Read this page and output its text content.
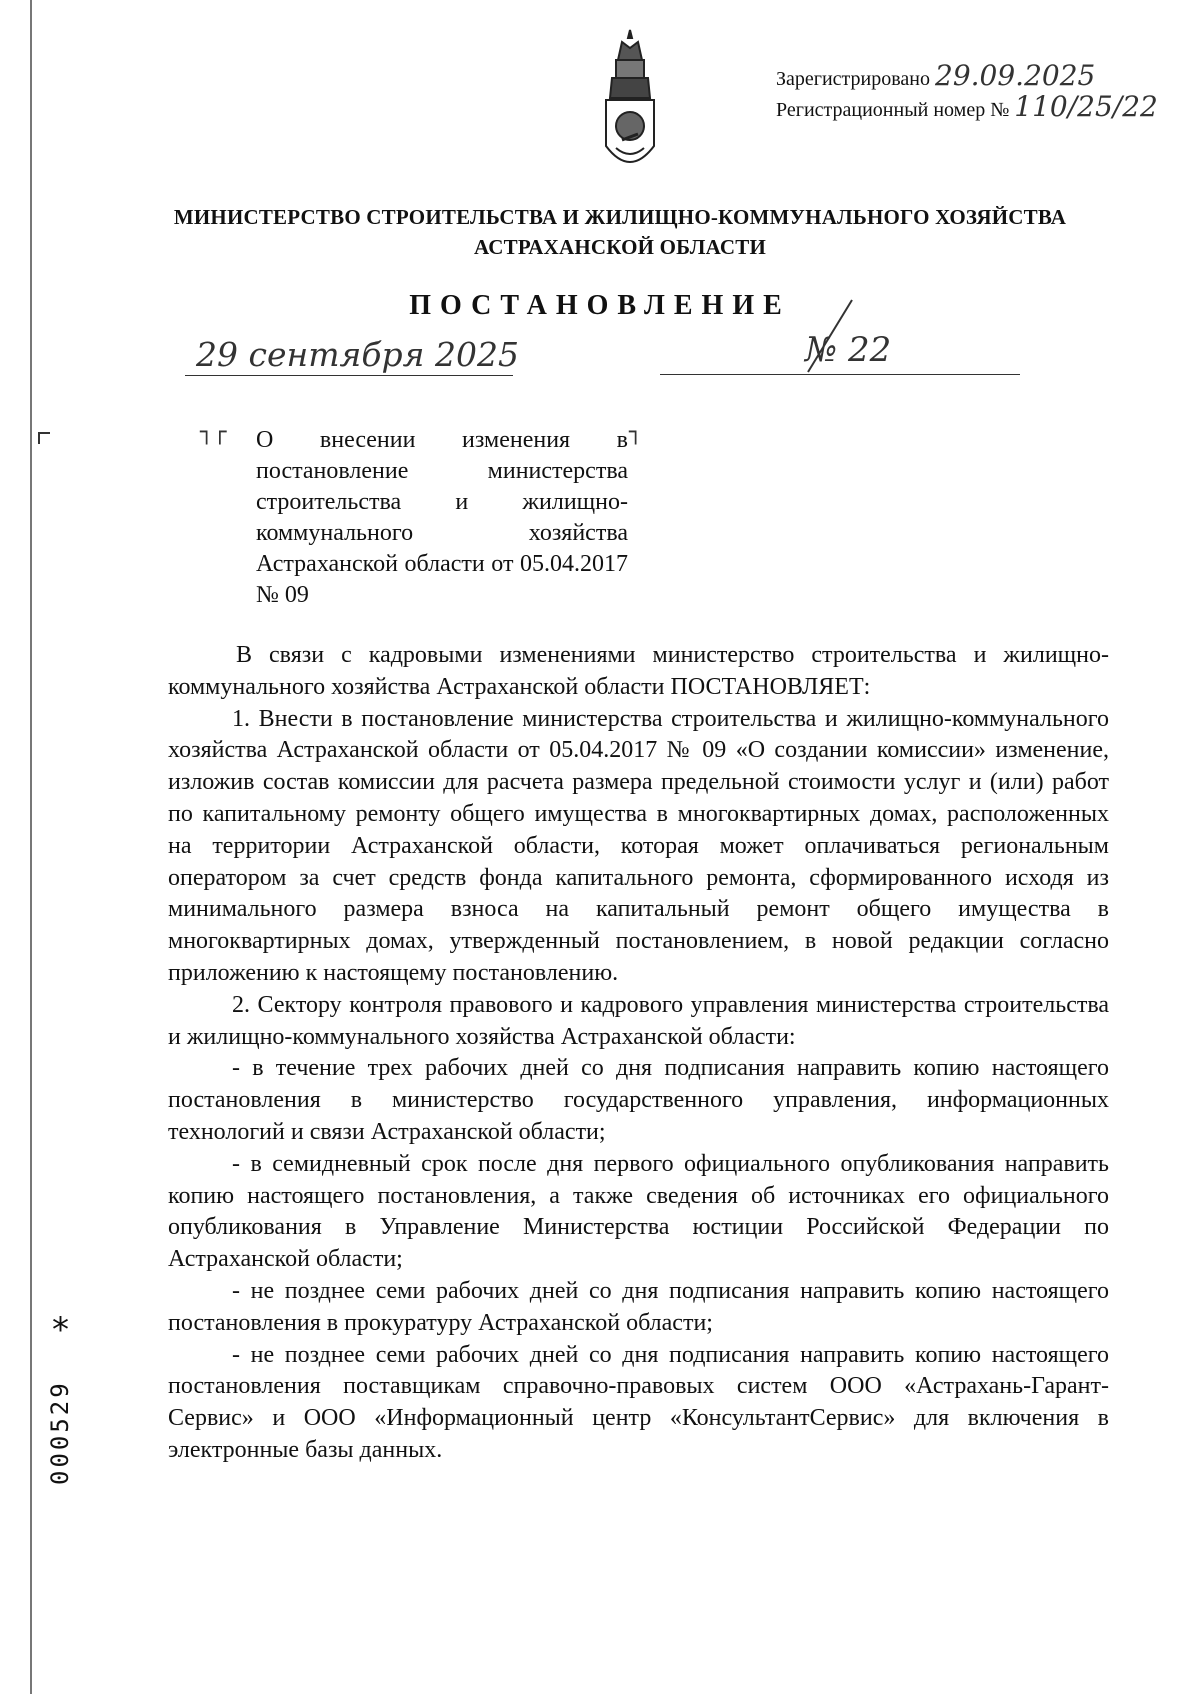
*
000529
Зарегистрировано 29.09.2025
Регистрационный номер № 110/25/22
МИНИСТЕРСТВО СТРОИТЕЛЬСТВА И ЖИЛИЩНО-КОММУНАЛЬНОГО ХОЗЯЙСТВА
АСТРАХАНСКОЙ ОБЛАСТИ
ПОСТАНОВЛЕНИЕ
29 сентября 2025	№ 22
┐┌	┐
О внесении изменения в постановление министерства строительства и жилищно-коммунального хозяйства Астраханской области от 05.04.2017 № 09

В связи с кадровыми изменениями министерство строительства и жилищно-коммунального хозяйства Астраханской области ПОСТАНОВЛЯЕТ:

1. Внести в постановление министерства строительства и жилищно-коммунального хозяйства Астраханской области от 05.04.2017 № 09 «О создании комиссии» изменение, изложив состав комиссии для расчета размера предельной стоимости услуг и (или) работ по капитальному ремонту общего имущества в многоквартирных домах, расположенных на территории Астраханской области, которая может оплачиваться региональным оператором за счет средств фонда капитального ремонта, сформированного исходя из минимального размера взноса на капитальный ремонт общего имущества в многоквартирных домах, утвержденный постановлением, в новой редакции согласно приложению к настоящему постановлению.

2. Сектору контроля правового и кадрового управления министерства строительства и жилищно-коммунального хозяйства Астраханской области:

- в течение трех рабочих дней со дня подписания направить копию настоящего постановления в министерство государственного управления, информационных технологий и связи Астраханской области;

- в семидневный срок после дня первого официального опубликования направить копию настоящего постановления, а также сведения об источниках его официального опубликования в Управление Министерства юстиции Российской Федерации по Астраханской области;

- не позднее семи рабочих дней со дня подписания направить копию настоящего постановления в прокуратуру Астраханской области;

- не позднее семи рабочих дней со дня подписания направить копию настоящего постановления поставщикам справочно-правовых систем ООО «Астрахань-Гарант-Сервис» и ООО «Информационный центр «КонсультантСервис» для включения в электронные базы данных.
